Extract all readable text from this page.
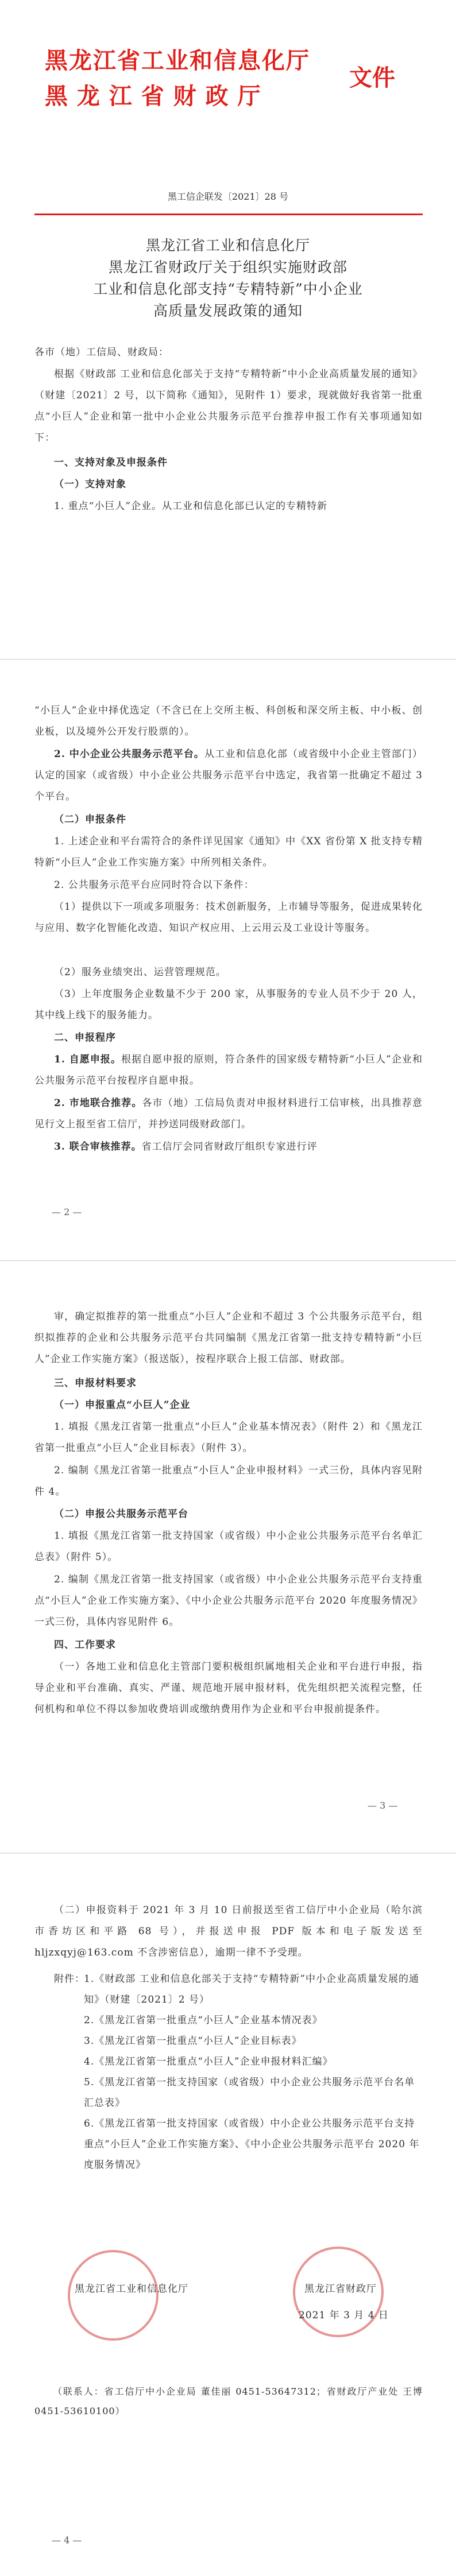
黑龙江省工业和信息化厅
黑 龙 江 省 财 政 厅
文件
黑工信企联发〔2021〕28 号
黑龙江省工业和信息化厅
黑龙江省财政厅关于组织实施财政部
工业和信息化部支持“专精特新”中小企业
高质量发展政策的通知

各市（地）工信局、财政局：

根据《财政部 工业和信息化部关于支持“专精特新”中小企业高质量发展的通知》（财建〔2021〕2 号，以下简称《通知》，见附件 1）要求，现就做好我省第一批重点“小巨人”企业和第一批中小企业公共服务示范平台推荐申报工作有关事项通知如下：

一、支持对象及申报条件

（一）支持对象

1. 重点“小巨人”企业。从工业和信息化部已认定的专精特新

“小巨人”企业中择优选定（不含已在上交所主板、科创板和深交所主板、中小板、创业板，以及境外公开发行股票的）。

2. 中小企业公共服务示范平台。从工业和信息化部（或省级中小企业主管部门）认定的国家（或省级）中小企业公共服务示范平台中选定，我省第一批确定不超过 3 个平台。

（二）申报条件

1. 上述企业和平台需符合的条件详见国家《通知》中《XX 省份第 X 批支持专精特新“小巨人”企业工作实施方案》中所列相关条件。

2. 公共服务示范平台应同时符合以下条件：

（1）提供以下一项或多项服务：技术创新服务，上市辅导等服务，促进成果转化与应用、数字化智能化改造、知识产权应用、上云用云及工业设计等服务。

（2）服务业绩突出、运营管理规范。

（3）上年度服务企业数量不少于 200 家，从事服务的专业人员不少于 20 人，其中线上线下的服务能力。

二、申报程序

1. 自愿申报。根据自愿申报的原则，符合条件的国家级专精特新“小巨人”企业和公共服务示范平台按程序自愿申报。

2. 市地联合推荐。各市（地）工信局负责对申报材料进行工信审核，出具推荐意见行文上报至省工信厅，并抄送同级财政部门。

3. 联合审核推荐。省工信厅会同省财政厅组织专家进行评

— 2 —

审，确定拟推荐的第一批重点“小巨人”企业和不超过 3 个公共服务示范平台，组织拟推荐的企业和公共服务示范平台共同编制《黑龙江省第一批支持专精特新“小巨人”企业工作实施方案》（报送版），按程序联合上报工信部、财政部。

三、申报材料要求

（一）申报重点“小巨人”企业

1. 填报《黑龙江省第一批重点“小巨人”企业基本情况表》（附件 2）和《黑龙江省第一批重点“小巨人”企业目标表》（附件 3）。

2. 编制《黑龙江省第一批重点“小巨人”企业申报材料》一式三份，具体内容见附件 4。

（二）申报公共服务示范平台

1. 填报《黑龙江省第一批支持国家（或省级）中小企业公共服务示范平台名单汇总表》（附件 5）。

2. 编制《黑龙江省第一批支持国家（或省级）中小企业公共服务示范平台支持重点“小巨人”企业工作实施方案》、《中小企业公共服务示范平台 2020 年度服务情况》一式三份，具体内容见附件 6。

四、工作要求

（一）各地工业和信息化主管部门要积极组织属地相关企业和平台进行申报，指导企业和平台准确、真实、严谨、规范地开展申报材料，优先组织把关流程完整，任何机构和单位不得以参加收费培训或缴纳费用作为企业和平台申报前提条件。

— 3 —

（二）申报资料于 2021 年 3 月 10 日前报送至省工信厅中小企业局（哈尔滨市香坊区和平路 68 号），并报送申报 PDF 版本和电子版发送至 hljzxqyj@163.com 不含涉密信息），逾期一律不予受理。

附件：
1.《财政部 工业和信息化部关于支持“专精特新”中小企业高质量发展的通知》（财建〔2021〕2 号）
2.《黑龙江省第一批重点“小巨人”企业基本情况表》
3.《黑龙江省第一批重点“小巨人”企业目标表》
4.《黑龙江省第一批重点“小巨人”企业申报材料汇编》
5.《黑龙江省第一批支持国家（或省级）中小企业公共服务示范平台名单汇总表》
6.《黑龙江省第一批支持国家（或省级）中小企业公共服务示范平台支持重点“小巨人”企业工作实施方案》、《中小企业公共服务示范平台 2020 年度服务情况》
黑龙江省工业和信息化厅	黑龙江省财政厅
2021 年 3 月 4 日

（联系人：省工信厅中小企业局 董佳丽 0451-53647312；省财政厅产业处 王博 0451-53610100）

— 4 —
